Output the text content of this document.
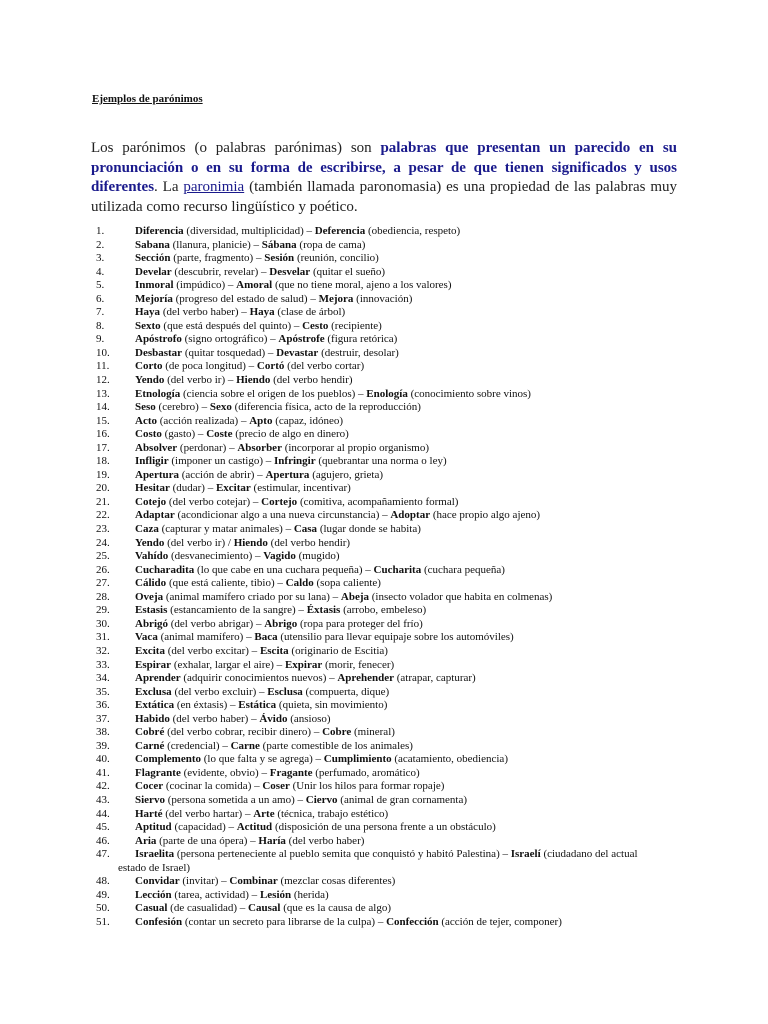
Ejemplos de parónimos
Los parónimos (o palabras parónimas) son palabras que presentan un parecido en su pronunciación o en su forma de escribirse, a pesar de que tienen significados y usos diferentes. La paronimia (también llamada paronomasia) es una propiedad de las palabras muy utilizada como recurso lingüístico y poético.
1.	Diferencia (diversidad, multiplicidad) – Deferencia (obediencia, respeto)
2.	Sabana (llanura, planicie) – Sábana (ropa de cama)
3.	Sección (parte, fragmento) – Sesión (reunión, concilio)
4.	Develar (descubrir, revelar) – Desvelar (quitar el sueño)
5.	Inmoral (impúdico) – Amoral (que no tiene moral, ajeno a los valores)
6.	Mejoría (progreso del estado de salud) – Mejora (innovación)
7.	Haya (del verbo haber) – Haya (clase de árbol)
8.	Sexto (que está después del quinto) – Cesto (recipiente)
9.	Apóstrofo (signo ortográfico) – Apóstrofe (figura retórica)
10. Desbastar (quitar tosquedad) – Devastar (destruir, desolar)
11. Corto (de poca longitud) – Cortó (del verbo cortar)
12. Yendo (del verbo ir) – Hiendo (del verbo hendir)
13. Etnología (ciencia sobre el origen de los pueblos) – Enología (conocimiento sobre vinos)
14. Seso (cerebro) – Sexo (diferencia física, acto de la reproducción)
15. Acto (acción realizada) – Apto (capaz, idóneo)
16. Costo (gasto) – Coste (precio de algo en dinero)
17. Absolver (perdonar) – Absorber (incorporar al propio organismo)
18. Infligir (imponer un castigo) – Infringir (quebrantar una norma o ley)
19. Apertura (acción de abrir) – Apertura (agujero, grieta)
20. Hesitar (dudar) – Excitar (estimular, incentivar)
21. Cotejo (del verbo cotejar) – Cortejo (comitiva, acompañamiento formal)
22. Adaptar (acondicionar algo a una nueva circunstancia) – Adoptar (hace propio algo ajeno)
23. Caza (capturar y matar animales) – Casa (lugar donde se habita)
24. Yendo (del verbo ir) / Hiendo (del verbo hendir)
25. Vahído (desvanecimiento) – Vagido (mugido)
26. Cucharadita (lo que cabe en una cuchara pequeña) – Cucharita (cuchara pequeña)
27. Cálido (que está caliente, tibio) – Caldo (sopa caliente)
28. Oveja (animal mamífero criado por su lana) – Abeja (insecto volador que habita en colmenas)
29. Estasis (estancamiento de la sangre) – Éxtasis (arrobo, embeleso)
30. Abrigó (del verbo abrigar) – Abrigo (ropa para proteger del frío)
31. Vaca (animal mamífero) – Baca (utensilio para llevar equipaje sobre los automóviles)
32. Excita (del verbo excitar) – Escita (originario de Escitia)
33. Espirar (exhalar, largar el aire) – Expirar (morir, fenecer)
34. Aprender (adquirir conocimientos nuevos) – Aprehender (atrapar, capturar)
35. Exclusa (del verbo excluir) – Esclusa (compuerta, dique)
36. Extática (en éxtasis) – Estática (quieta, sin movimiento)
37. Habido (del verbo haber) – Ávido (ansioso)
38. Cobré (del verbo cobrar, recibir dinero) – Cobre (mineral)
39. Carné (credencial) – Carne (parte comestible de los animales)
40. Complemento (lo que falta y se agrega) – Cumplimiento (acatamiento, obediencia)
41. Flagrante (evidente, obvio) – Fragante (perfumado, aromático)
42. Cocer (cocinar la comida) – Coser (Unir los hilos para formar ropaje)
43. Siervo (persona sometida a un amo) – Ciervo (animal de gran cornamenta)
44. Harté (del verbo hartar) – Arte (técnica, trabajo estético)
45. Aptitud (capacidad) – Actitud (disposición de una persona frente a un obstáculo)
46. Aria (parte de una ópera) – Haría (del verbo haber)
47. Israelita (persona perteneciente al pueblo semita que conquistó y habitó Palestina) – Israelí (ciudadano del actual
estado de Israel)
48. Convidar (invitar) – Combinar (mezclar cosas diferentes)
49. Lección (tarea, actividad) – Lesión (herida)
50. Casual (de casualidad) – Causal (que es la causa de algo)
51. Confesión (contar un secreto para librarse de la culpa) – Confección (acción de tejer, componer)
